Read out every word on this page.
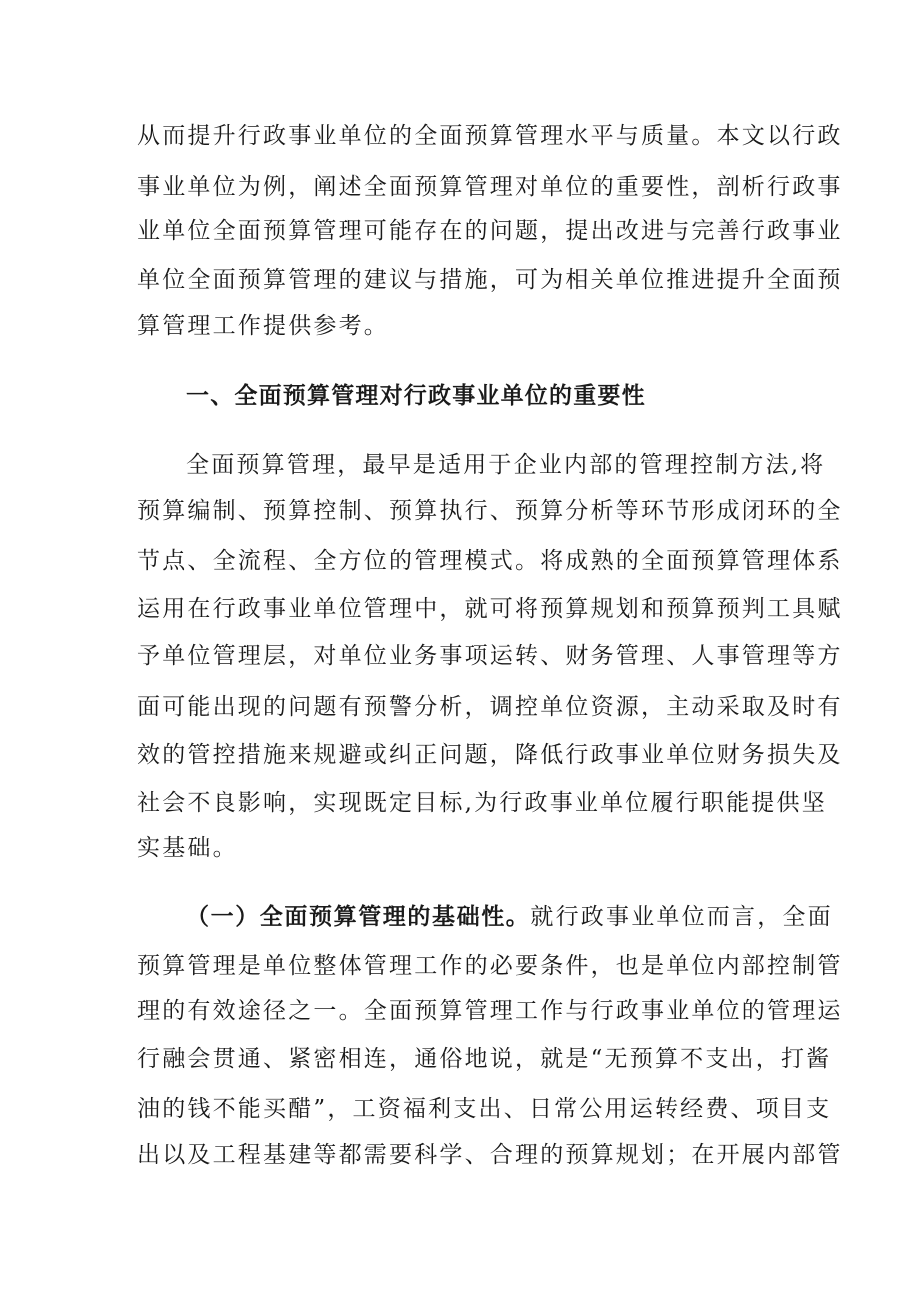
从而提升行政事业单位的全面预算管理水平与质量。本文以行政
事业单位为例，阐述全面预算管理对单位的重要性，剖析行政事
业单位全面预算管理可能存在的问题，提出改进与完善行政事业
单位全面预算管理的建议与措施，可为相关单位推进提升全面预
算管理工作提供参考。
一、全面预算管理对行政事业单位的重要性
全面预算管理，最早是适用于企业内部的管理控制方法,将
预算编制、预算控制、预算执行、预算分析等环节形成闭环的全
节点、全流程、全方位的管理模式。将成熟的全面预算管理体系
运用在行政事业单位管理中，就可将预算规划和预算预判工具赋
予单位管理层，对单位业务事项运转、财务管理、人事管理等方
面可能出现的问题有预警分析，调控单位资源，主动采取及时有
效的管控措施来规避或纠正问题，降低行政事业单位财务损失及
社会不良影响，实现既定目标,为行政事业单位履行职能提供坚
实基础。
（一）全面预算管理的基础性。就行政事业单位而言，全面
预算管理是单位整体管理工作的必要条件，也是单位内部控制管
理的有效途径之一。全面预算管理工作与行政事业单位的管理运
行融会贯通、紧密相连，通俗地说，就是“无预算不支出，打酱
油的钱不能买醋”，工资福利支出、日常公用运转经费、项目支
出以及工程基建等都需要科学、合理的预算规划；在开展内部管
